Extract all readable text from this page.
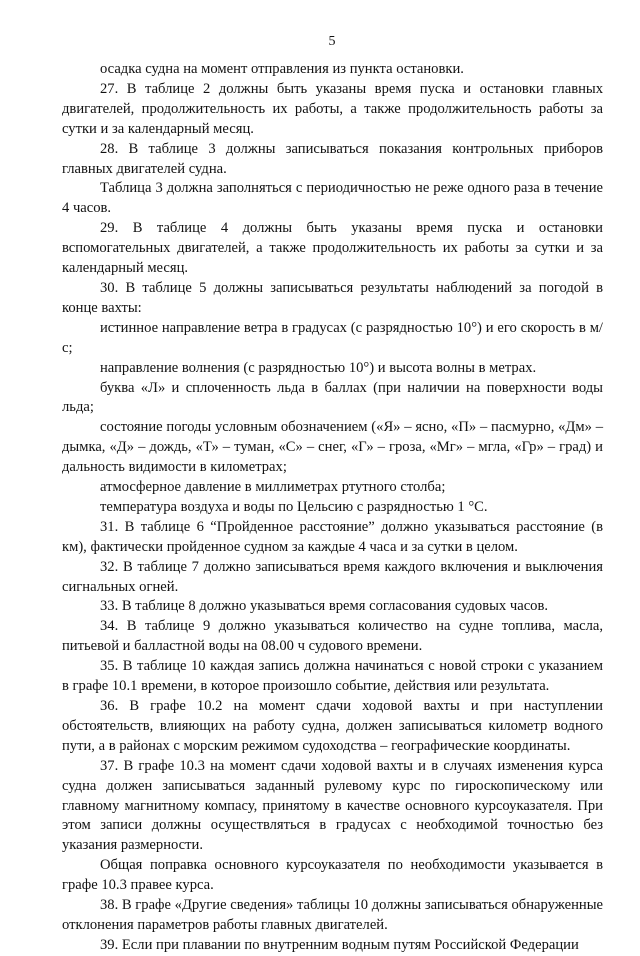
5

осадка судна на момент отправления из пункта остановки.

27. В таблице 2 должны быть указаны время пуска и остановки главных двигателей, продолжительность их работы, а также продолжительность работы за сутки и за календарный месяц.

28. В таблице 3 должны записываться показания контрольных приборов главных двигателей судна.

Таблица 3 должна заполняться с периодичностью не реже одного раза в течение 4 часов.

29. В таблице 4 должны быть указаны время пуска и остановки вспомогательных двигателей, а также продолжительность их работы за сутки и за календарный месяц.

30. В таблице 5 должны записываться результаты наблюдений за погодой в конце вахты:

истинное направление ветра в градусах (с разрядностью 10°) и его скорость в м/с;

направление волнения (с разрядностью 10°) и высота волны в метрах.

буква «Л» и сплоченность льда в баллах (при наличии на поверхности воды льда;

состояние погоды условным обозначением («Я» – ясно, «П» – пасмурно, «Дм» – дымка, «Д» – дождь, «Т» – туман, «С» – снег, «Г» – гроза, «Мг» – мгла, «Гр» – град) и дальность видимости в километрах;

атмосферное давление в миллиметрах ртутного столба;

температура воздуха и воды по Цельсию с разрядностью 1 °С.

31. В таблице 6 “Пройденное расстояние” должно указываться расстояние (в км), фактически пройденное судном за каждые 4 часа и за сутки в целом.

32. В таблице 7 должно записываться время каждого включения и выключения сигнальных огней.

33. В таблице 8 должно указываться время согласования судовых часов.

34. В таблице 9 должно указываться количество на судне топлива, масла, питьевой и балластной воды на 08.00 ч судового времени.

35. В таблице 10 каждая запись должна начинаться с новой строки с указанием в графе 10.1 времени, в которое произошло событие, действия или результата.

36. В графе 10.2 на момент сдачи ходовой вахты и при наступлении обстоятельств, влияющих на работу судна, должен записываться километр водного пути, а в районах с морским режимом судоходства – географические координаты.

37. В графе 10.3 на момент сдачи ходовой вахты и в случаях изменения курса судна должен записываться заданный рулевому курс по гироскопическому или главному магнитному компасу, принятому в качестве основного курсоуказателя. При этом записи должны осуществляться в градусах с необходимой точностью без указания размерности.

Общая поправка основного курсоуказателя по необходимости указывается в графе 10.3 правее курса.

38. В графе «Другие сведения» таблицы 10 должны записываться обнаруженные отклонения параметров работы главных двигателей.

39. Если при плавании по внутренним водным путям Российской Федерации
